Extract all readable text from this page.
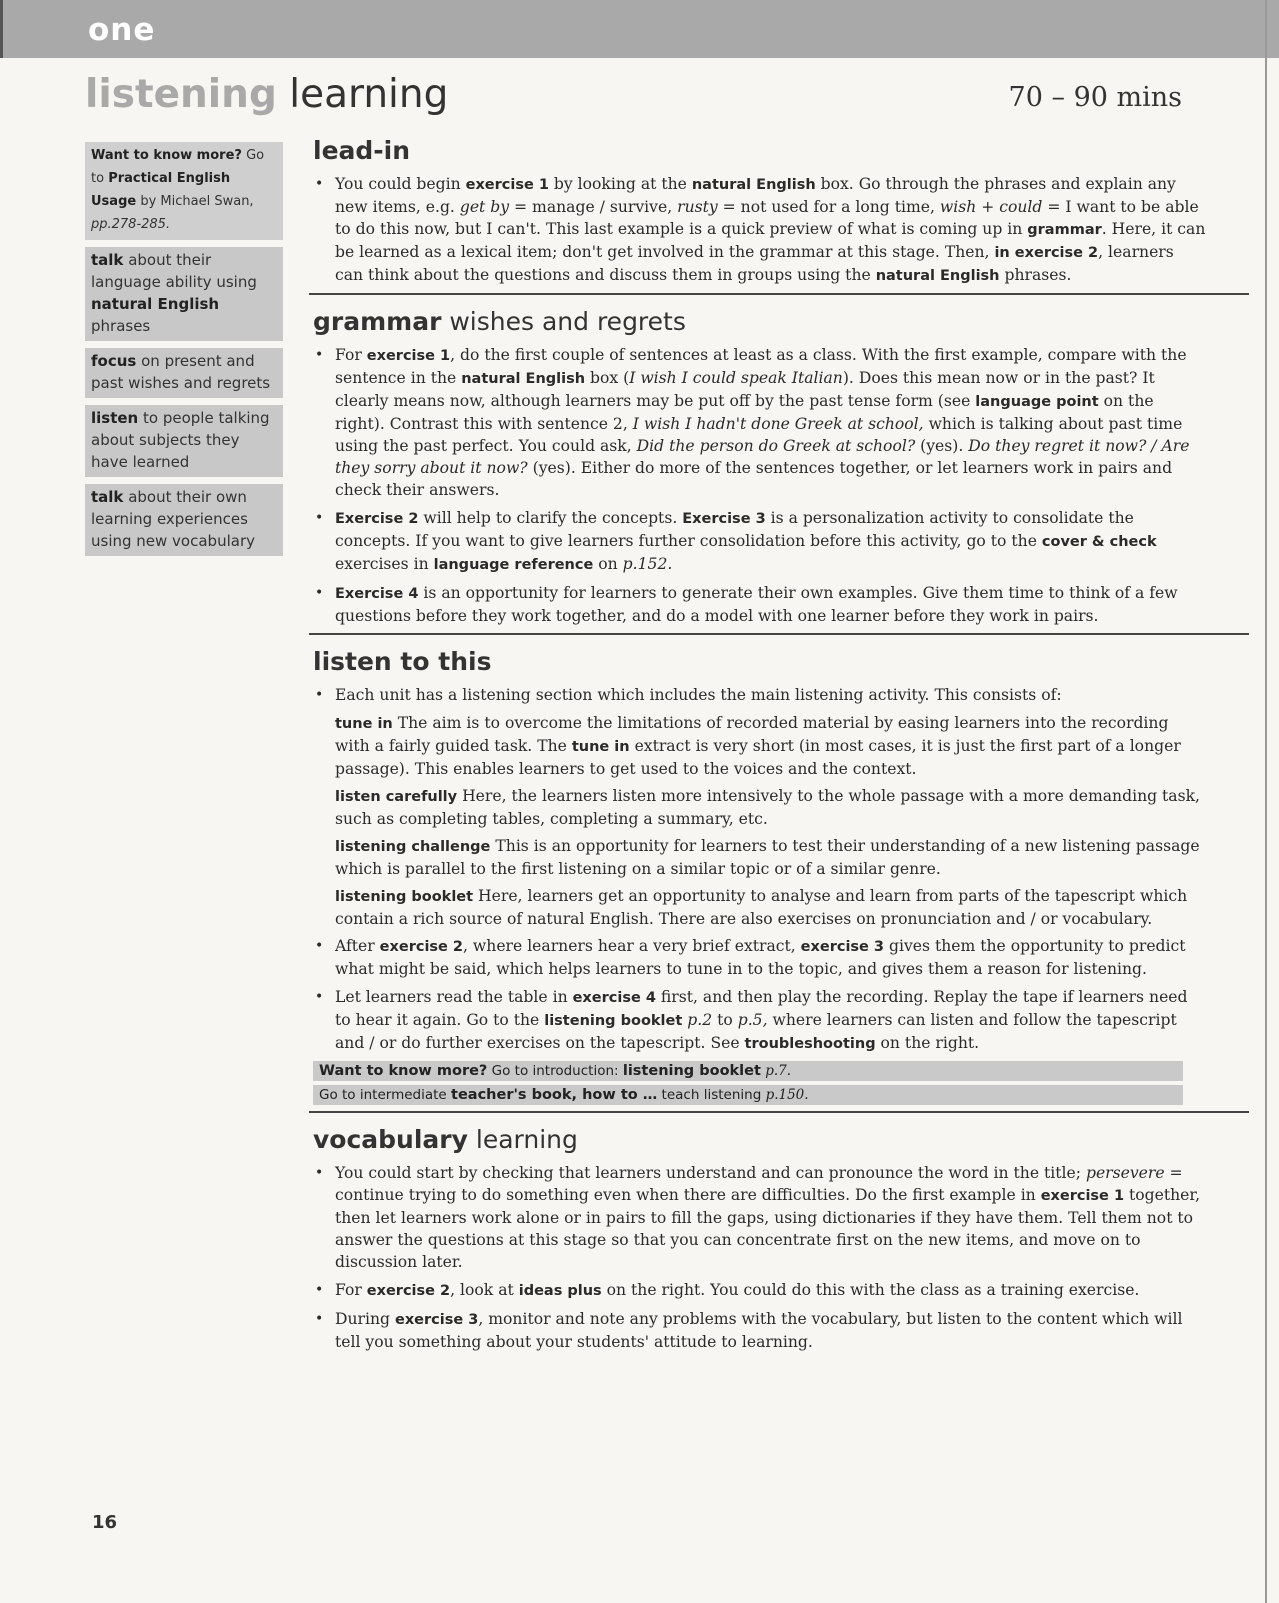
one
listening learning	70 – 90 mins
Want to know more? Go to Practical English Usage by Michael Swan, pp.278-285.
talk about their language ability using natural English phrases
focus on present and past wishes and regrets
listen to people talking about subjects they have learned
talk about their own learning experiences using new vocabulary
lead-in
• You could begin exercise 1 by looking at the natural English box. Go through the phrases and explain any new items, e.g. get by = manage / survive, rusty = not used for a long time, wish + could = I want to be able to do this now, but I can't. This last example is a quick preview of what is coming up in grammar. Here, it can be learned as a lexical item; don't get involved in the grammar at this stage. Then, in exercise 2, learners can think about the questions and discuss them in groups using the natural English phrases.
grammar wishes and regrets
• For exercise 1, do the first couple of sentences at least as a class. With the first example, compare with the sentence in the natural English box (I wish I could speak Italian). Does this mean now or in the past? It clearly means now, although learners may be put off by the past tense form (see language point on the right). Contrast this with sentence 2, I wish I hadn't done Greek at school, which is talking about past time using the past perfect. You could ask, Did the person do Greek at school? (yes). Do they regret it now? / Are they sorry about it now? (yes). Either do more of the sentences together, or let learners work in pairs and check their answers.
• Exercise 2 will help to clarify the concepts. Exercise 3 is a personalization activity to consolidate the concepts. If you want to give learners further consolidation before this activity, go to the cover & check exercises in language reference on p.152.
• Exercise 4 is an opportunity for learners to generate their own examples. Give them time to think of a few questions before they work together, and do a model with one learner before they work in pairs.
listen to this
• Each unit has a listening section which includes the main listening activity. This consists of:
tune in The aim is to overcome the limitations of recorded material by easing learners into the recording with a fairly guided task. The tune in extract is very short (in most cases, it is just the first part of a longer passage). This enables learners to get used to the voices and the context.
listen carefully Here, the learners listen more intensively to the whole passage with a more demanding task, such as completing tables, completing a summary, etc.
listening challenge This is an opportunity for learners to test their understanding of a new listening passage which is parallel to the first listening on a similar topic or of a similar genre.
listening booklet Here, learners get an opportunity to analyse and learn from parts of the tapescript which contain a rich source of natural English. There are also exercises on pronunciation and / or vocabulary.
• After exercise 2, where learners hear a very brief extract, exercise 3 gives them the opportunity to predict what might be said, which helps learners to tune in to the topic, and gives them a reason for listening.
• Let learners read the table in exercise 4 first, and then play the recording. Replay the tape if learners need to hear it again. Go to the listening booklet p.2 to p.5, where learners can listen and follow the tapescript and / or do further exercises on the tapescript. See troubleshooting on the right.
Want to know more? Go to introduction: listening booklet p.7.
Go to intermediate teacher's book, how to … teach listening p.150.
vocabulary learning
• You could start by checking that learners understand and can pronounce the word in the title; persevere = continue trying to do something even when there are difficulties. Do the first example in exercise 1 together, then let learners work alone or in pairs to fill the gaps, using dictionaries if they have them. Tell them not to answer the questions at this stage so that you can concentrate first on the new items, and move on to discussion later.
• For exercise 2, look at ideas plus on the right. You could do this with the class as a training exercise.
• During exercise 3, monitor and note any problems with the vocabulary, but listen to the content which will tell you something about your students' attitude to learning.
16
